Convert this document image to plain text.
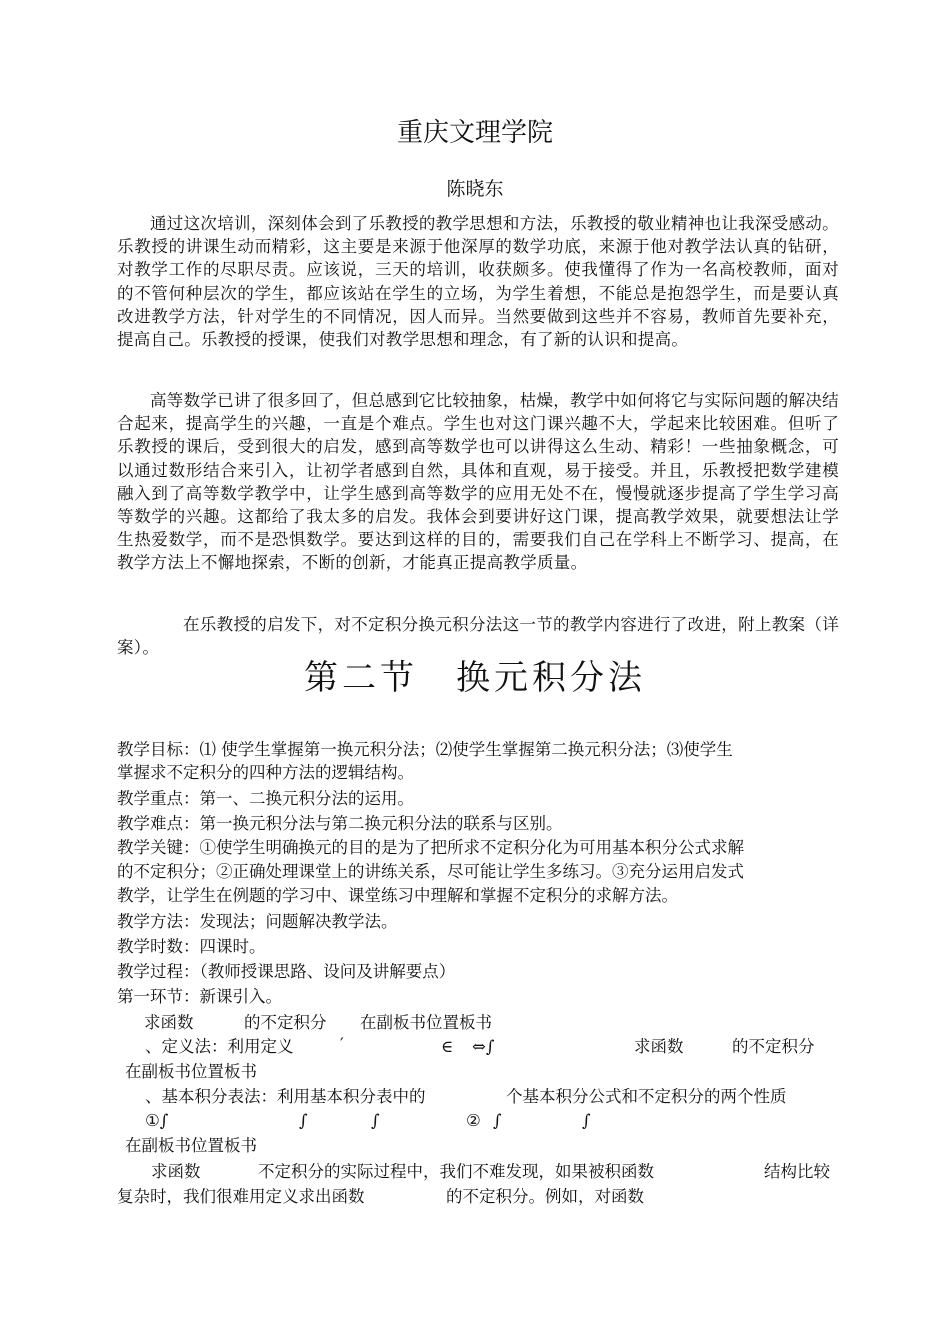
重庆文理学院
陈晓东
通过这次培训，深刻体会到了乐教授的教学思想和方法，乐教授的敬业精神也让我深受感动。乐教授的讲课生动而精彩，这主要是来源于他深厚的数学功底，来源于他对教学法认真的钻研，对教学工作的尽职尽责。应该说，三天的培训，收获颇多。使我懂得了作为一名高校教师，面对的不管何种层次的学生，都应该站在学生的立场，为学生着想，不能总是抱怨学生，而是要认真改进教学方法，针对学生的不同情况，因人而异。当然要做到这些并不容易，教师首先要补充，提高自己。乐教授的授课，使我们对教学思想和理念，有了新的认识和提高。
高等数学已讲了很多回了，但总感到它比较抽象，枯燥，教学中如何将它与实际问题的解决结合起来，提高学生的兴趣，一直是个难点。学生也对这门课兴趣不大，学起来比较困难。但听了乐教授的课后，受到很大的启发，感到高等数学也可以讲得这么生动、精彩！一些抽象概念，可以通过数形结合来引入，让初学者感到自然，具体和直观，易于接受。并且，乐教授把数学建模融入到了高等数学教学中，让学生感到高等数学的应用无处不在，慢慢就逐步提高了学生学习高等数学的兴趣。这都给了我太多的启发。我体会到要讲好这门课，提高教学效果，就要想法让学生热爱数学，而不是恐惧数学。要达到这样的目的，需要我们自己在学科上不断学习、提高，在教学方法上不懈地探索，不断的创新，才能真正提高教学质量。
在乐教授的启发下，对不定积分换元积分法这一节的教学内容进行了改进，附上教案（详案）。
第二节　换元积分法
教学目标：⑴ 使学生掌握第一换元积分法；⑵使学生掌握第二换元积分法；⑶使学生
掌握求不定积分的四种方法的逻辑结构。
教学重点：第一、二换元积分法的运用。
教学难点：第一换元积分法与第二换元积分法的联系与区别。
教学关键：①使学生明确换元的目的是为了把所求不定积分化为可用基本积分公式求解
的不定积分；②正确处理课堂上的讲练关系，尽可能让学生多练习。③充分运用启发式
教学，让学生在例题的学习中、课堂练习中理解和掌握不定积分的求解方法。
教学方法：发现法；问题解决教学法。
教学时数：四课时。
教学过程：（教师授课思路、设问及讲解要点）
第一环节：新课引入。
求函数	的不定积分 在副板书位置板书
、定义法：利用定义	′	∈ ⇔∫	求函数	的不定积分
在副板书位置板书
、基本积分表法：利用基本积分表中的	个基本积分公式和不定积分的两个性质
①∫	∫	∫	② ∫	∫
在副板书位置板书
求函数	不定积分的实际过程中，我们不难发现，如果被积函数	结构比较
复杂时，我们很难用定义求出函数	的不定积分。例如，对函数
